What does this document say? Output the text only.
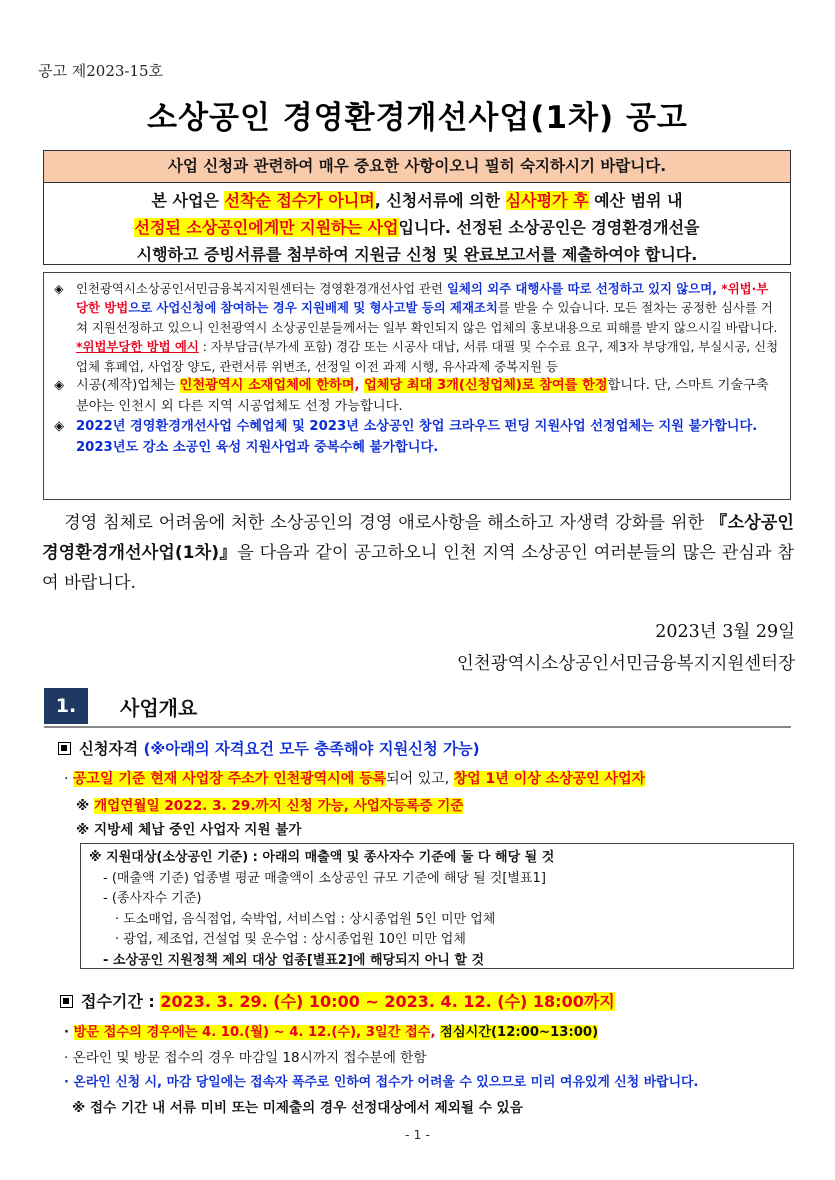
공고 제2023-15호
소상공인 경영환경개선사업(1차) 공고
사업 신청과 관련하여 매우 중요한 사항이오니 필히 숙지하시기 바랍니다.
본 사업은 선착순 접수가 아니며, 신청서류에 의한 심사평가 후 예산 범위 내
선정된 소상공인에게만 지원하는 사업입니다. 선정된 소상공인은 경영환경개선을
시행하고 증빙서류를 첨부하여 지원금 신청 및 완료보고서를 제출하여야 합니다.
◈ 인천광역시소상공인서민금융복지지원센터는 경영환경개선사업 관련 일체의 외주 대행사를 따로 선정하고 있지 않으며, *위법·부당한 방법으로 사업신청에 참여하는 경우 지원배제 및 형사고발 등의 제재조치를 받을 수 있습니다. 모든 절차는 공정한 심사를 거쳐 지원선정하고 있으니 인천광역시 소상공인분들께서는 일부 확인되지 않은 업체의 홍보내용으로 피해를 받지 않으시길 바랍니다.
*위법부당한 방법 예시 : 자부담금(부가세 포함) 경감 또는 시공사 대납, 서류 대필 및 수수료 요구, 제3자 부당개입, 부실시공, 신청업체 휴폐업, 사업장 양도, 관련서류 위변조, 선정일 이전 과제 시행, 유사과제 중복지원 등
◈ 시공(제작)업체는 인천광역시 소재업체에 한하며, 업체당 최대 3개(신청업체)로 참여를 한정합니다. 단, 스마트 기술구축 분야는 인천시 외 다른 지역 시공업체도 선정 가능합니다.
◈ 2022년 경영환경개선사업 수혜업체 및 2023년 소상공인 창업 크라우드 펀딩 지원사업 선정업체는 지원 불가합니다. 2023년도 강소 소공인 육성 지원사업과 중복수혜 불가합니다.

경영 침체로 어려움에 처한 소상공인의 경영 애로사항을 해소하고 자생력 강화를 위한 『소상공인 경영환경개선사업(1차)』을 다음과 같이 공고하오니 인천 지역 소상공인 여러분들의 많은 관심과 참여 바랍니다.

2023년 3월 29일
인천광역시소상공인서민금융복지지원센터장
1.	사업개요
신청자격 (※아래의 자격요건 모두 충족해야 지원신청 가능)
· 공고일 기준 현재 사업장 주소가 인천광역시에 등록되어 있고, 창업 1년 이상 소상공인 사업자
※ 개업연월일 2022. 3. 29.까지 신청 가능, 사업자등록증 기준
※ 지방세 체납 중인 사업자 지원 불가
※ 지원대상(소상공인 기준) : 아래의 매출액 및 종사자수 기준에 둘 다 해당 될 것
- (매출액 기준) 업종별 평균 매출액이 소상공인 규모 기준에 해당 될 것[별표1]
- (종사자수 기준)
· 도소매업, 음식점업, 숙박업, 서비스업 : 상시종업원 5인 미만 업체
· 광업, 제조업, 건설업 및 운수업 : 상시종업원 10인 미만 업체
- 소상공인 지원정책 제외 대상 업종[별표2]에 해당되지 아니 할 것
접수기간 : 2023. 3. 29. (수) 10:00 ~ 2023. 4. 12. (수) 18:00까지
· 방문 접수의 경우에는 4. 10.(월) ~ 4. 12.(수), 3일간 접수, 점심시간(12:00~13:00)
· 온라인 및 방문 접수의 경우 마감일 18시까지 접수분에 한함
· 온라인 신청 시, 마감 당일에는 접속자 폭주로 인하여 접수가 어려울 수 있으므로 미리 여유있게 신청 바랍니다.
※ 접수 기간 내 서류 미비 또는 미제출의 경우 선정대상에서 제외될 수 있음
- 1 -
